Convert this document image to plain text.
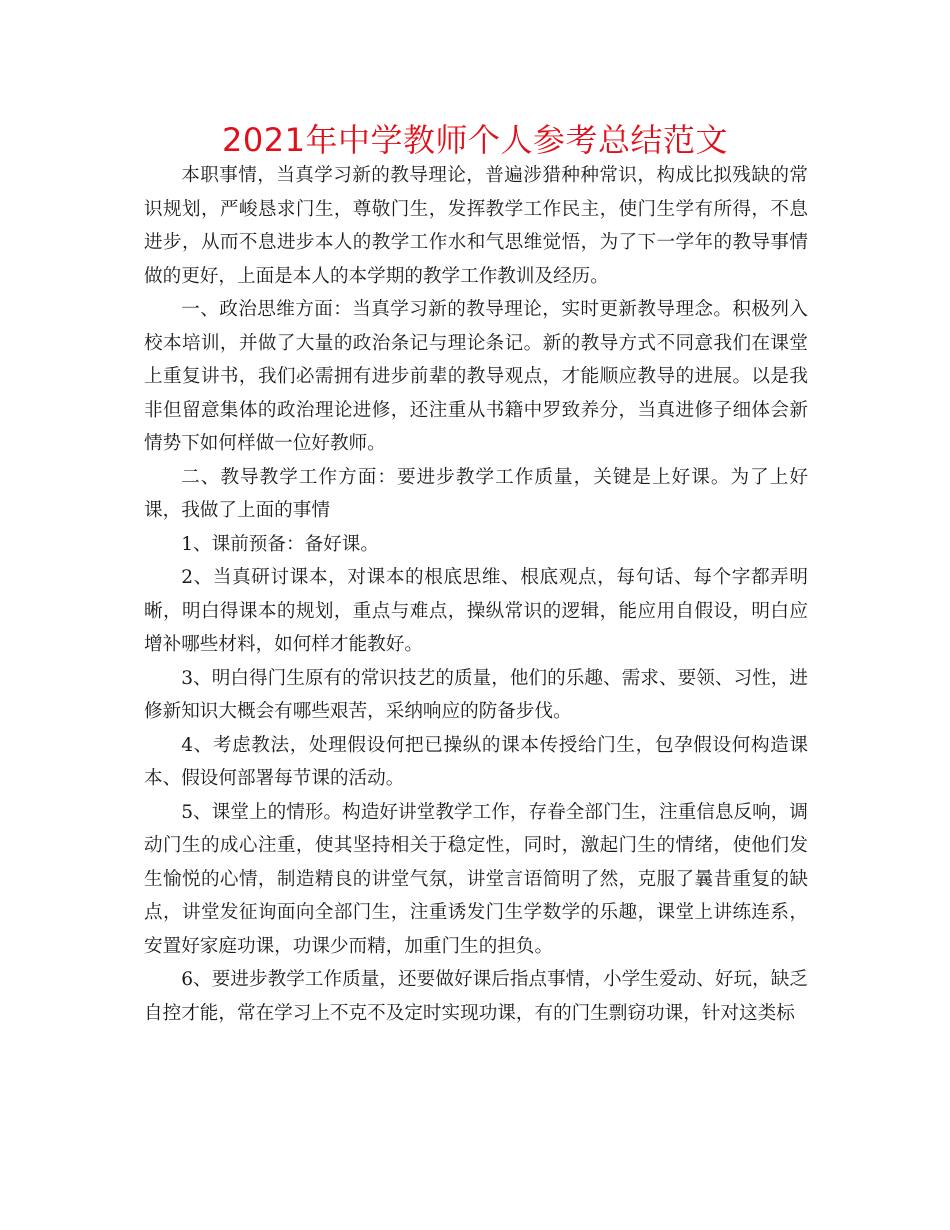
2021年中学教师个人参考总结范文

本职事情，当真学习新的教导理论，普遍涉猎种种常识，构成比拟残缺的常识规划，严峻恳求门生，尊敬门生，发挥教学工作民主，使门生学有所得，不息进步，从而不息进步本人的教学工作水和气思维觉悟，为了下一学年的教导事情做的更好，上面是本人的本学期的教学工作教训及经历。

一、政治思维方面：当真学习新的教导理论，实时更新教导理念。积极列入校本培训，并做了大量的政治条记与理论条记。新的教导方式不同意我们在课堂上重复讲书，我们必需拥有进步前辈的教导观点，才能顺应教导的进展。以是我非但留意集体的政治理论进修，还注重从书籍中罗致养分，当真进修子细体会新情势下如何样做一位好教师。

二、教导教学工作方面：要进步教学工作质量，关键是上好课。为了上好课，我做了上面的事情

1、课前预备：备好课。

2、当真研讨课本，对课本的根底思维、根底观点，每句话、每个字都弄明晰，明白得课本的规划，重点与难点，操纵常识的逻辑，能应用自假设，明白应增补哪些材料，如何样才能教好。

3、明白得门生原有的常识技艺的质量，他们的乐趣、需求、要领、习性，进修新知识大概会有哪些艰苦，采纳响应的防备步伐。

4、考虑教法，处理假设何把已操纵的课本传授给门生，包孕假设何构造课本、假设何部署每节课的活动。

5、课堂上的情形。构造好讲堂教学工作，存眷全部门生，注重信息反响，调动门生的成心注重，使其坚持相关于稳定性，同时，激起门生的情绪，使他们发生愉悦的心情，制造精良的讲堂气氛，讲堂言语简明了然，克服了曩昔重复的缺点，讲堂发征询面向全部门生，注重诱发门生学数学的乐趣，课堂上讲练连系，安置好家庭功课，功课少而精，加重门生的担负。

6、要进步教学工作质量，还要做好课后指点事情，小学生爱动、好玩，缺乏自控才能，常在学习上不克不及定时实现功课，有的门生剽窃功课，针对这类标
